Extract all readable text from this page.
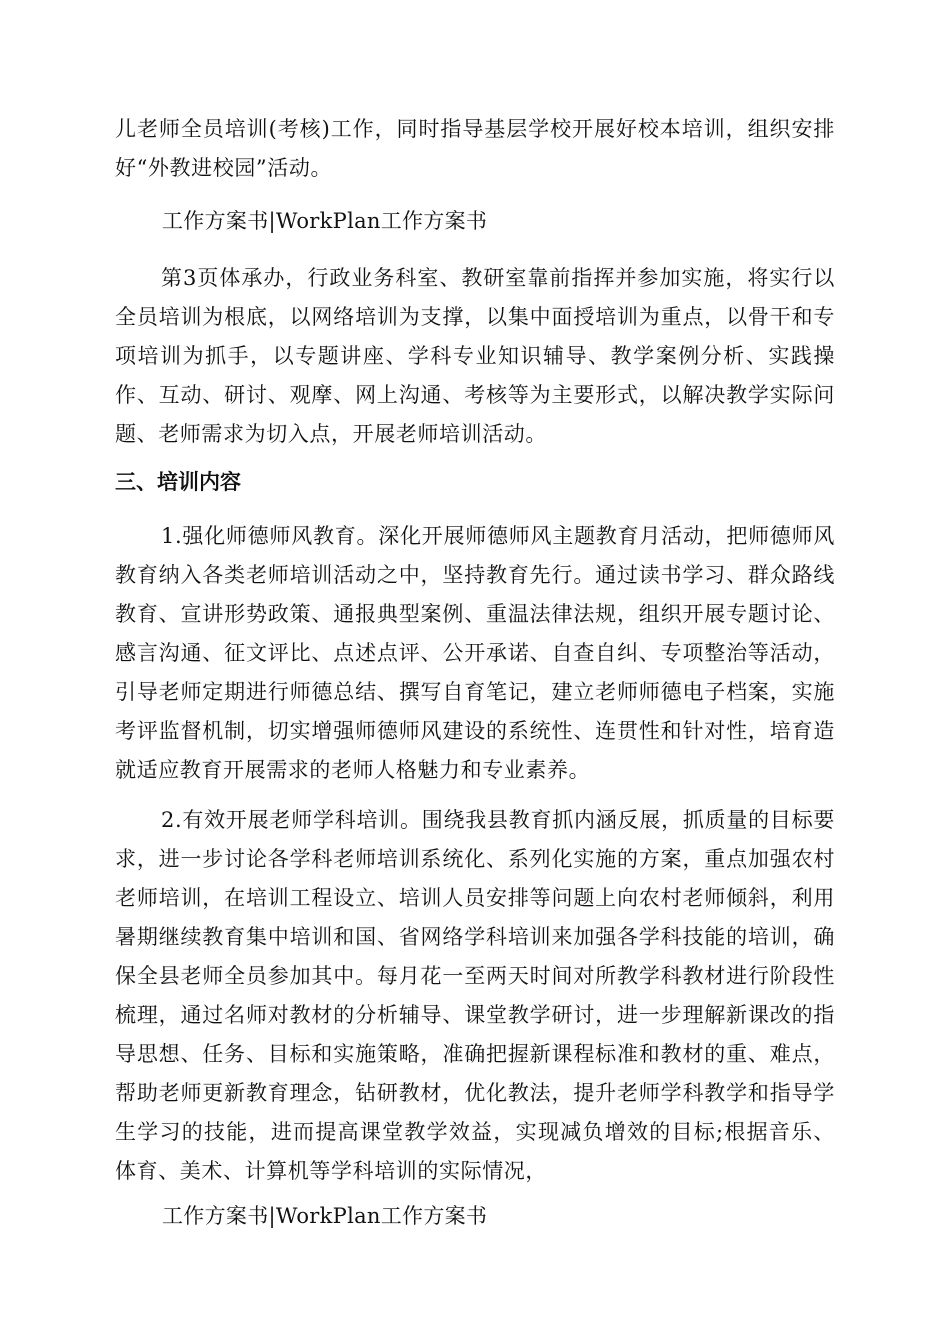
儿老师全员培训(考核)工作，同时指导基层学校开展好校本培训，组织安排好“外教进校园”活动。

工作方案书|WorkPlan工作方案书

第3页体承办，行政业务科室、教研室靠前指挥并参加实施，将实行以全员培训为根底，以网络培训为支撑，以集中面授培训为重点，以骨干和专项培训为抓手，以专题讲座、学科专业知识辅导、教学案例分析、实践操作、互动、研讨、观摩、网上沟通、考核等为主要形式，以解决教学实际问题、老师需求为切入点，开展老师培训活动。

三、培训内容

1.强化师德师风教育。深化开展师德师风主题教育月活动，把师德师风教育纳入各类老师培训活动之中，坚持教育先行。通过读书学习、群众路线教育、宣讲形势政策、通报典型案例、重温法律法规，组织开展专题讨论、感言沟通、征文评比、点述点评、公开承诺、自查自纠、专项整治等活动，引导老师定期进行师德总结、撰写自育笔记，建立老师师德电子档案，实施考评监督机制，切实增强师德师风建设的系统性、连贯性和针对性，培育造就适应教育开展需求的老师人格魅力和专业素养。

2.有效开展老师学科培训。围绕我县教育抓内涵反展，抓质量的目标要求，进一步讨论各学科老师培训系统化、系列化实施的方案，重点加强农村老师培训，在培训工程设立、培训人员安排等问题上向农村老师倾斜，利用暑期继续教育集中培训和国、省网络学科培训来加强各学科技能的培训，确保全县老师全员参加其中。每月花一至两天时间对所教学科教材进行阶段性梳理，通过名师对教材的分析辅导、课堂教学研讨，进一步理解新课改的指导思想、任务、目标和实施策略，准确把握新课程标准和教材的重、难点，帮助老师更新教育理念，钻研教材，优化教法，提升老师学科教学和指导学生学习的技能，进而提高课堂教学效益，实现减负增效的目标;根据音乐、体育、美术、计算机等学科培训的实际情况，

工作方案书|WorkPlan工作方案书
